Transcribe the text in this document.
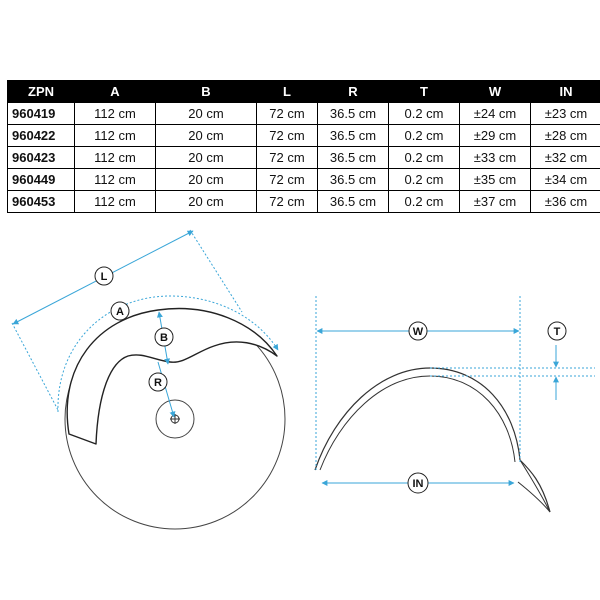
ZPN	A	B	L	R	T	W	IN
960419	112 cm	20 cm	72 cm	36.5 cm	0.2 cm	±24 cm	±23 cm
960422	112 cm	20 cm	72 cm	36.5 cm	0.2 cm	±29 cm	±28 cm
960423	112 cm	20 cm	72 cm	36.5 cm	0.2 cm	±33 cm	±32 cm
960449	112 cm	20 cm	72 cm	36.5 cm	0.2 cm	±35 cm	±34 cm
960453	112 cm	20 cm	72 cm	36.5 cm	0.2 cm	±37 cm	±36 cm
L
A
B
R
W
IN
T
